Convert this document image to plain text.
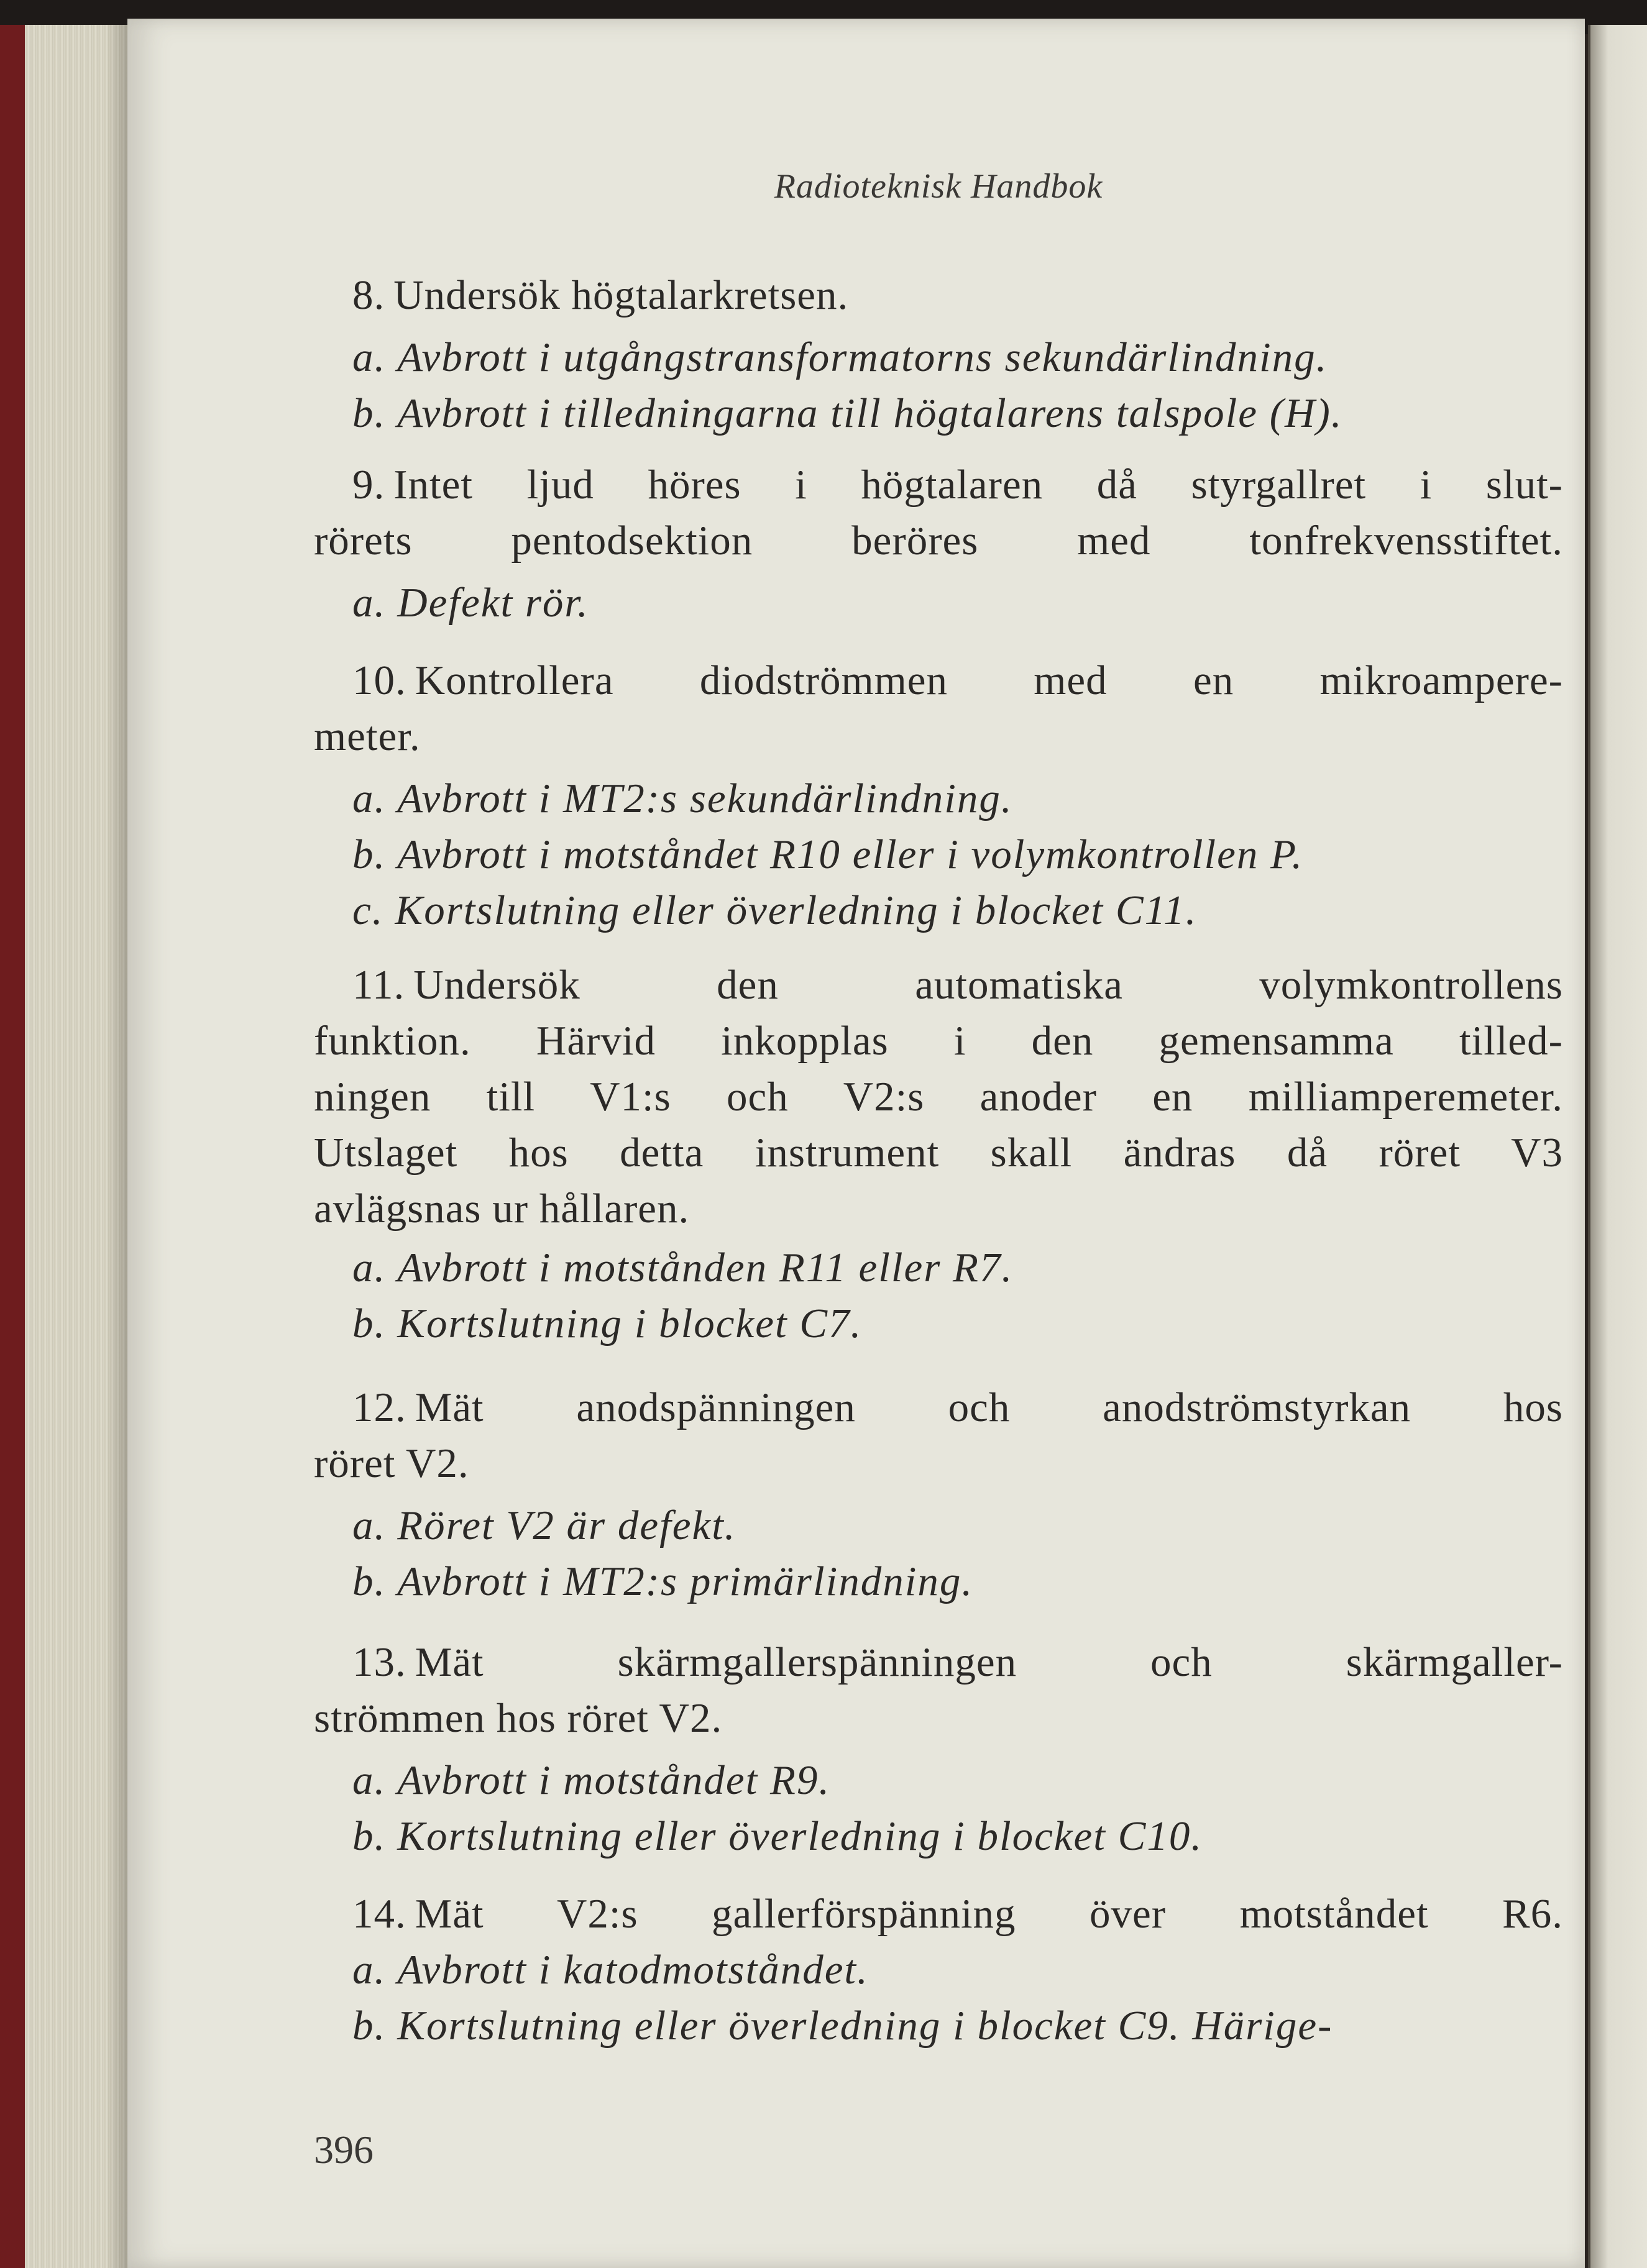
Radioteknisk Handbok
8. Undersök högtalarkretsen.
a. Avbrott i utgångstransformatorns sekundärlindning.
b. Avbrott i tilledningarna till högtalarens talspole (H).
9. Intet ljud höres i högtalaren då styrgallret i slut-
rörets pentodsektion beröres med tonfrekvensstiftet.
a. Defekt rör.
10. Kontrollera diodströmmen med en mikroampere-
meter.
a. Avbrott i MT2:s sekundärlindning.
b. Avbrott i motståndet R10 eller i volymkontrollen P.
c. Kortslutning eller överledning i blocket C11.
11. Undersök den automatiska volymkontrollens
funktion. Härvid inkopplas i den gemensamma tilled-
ningen till V1:s och V2:s anoder en milliamperemeter.
Utslaget hos detta instrument skall ändras då röret V3
avlägsnas ur hållaren.
a. Avbrott i motstånden R11 eller R7.
b. Kortslutning i blocket C7.
12. Mät anodspänningen och anodströmstyrkan hos
röret V2.
a. Röret V2 är defekt.
b. Avbrott i MT2:s primärlindning.
13. Mät skärmgallerspänningen och skärmgaller-
strömmen hos röret V2.
a. Avbrott i motståndet R9.
b. Kortslutning eller överledning i blocket C10.
14. Mät V2:s gallerförspänning över motståndet R6.
a. Avbrott i katodmotståndet.
b. Kortslutning eller överledning i blocket C9. Härige-
396
